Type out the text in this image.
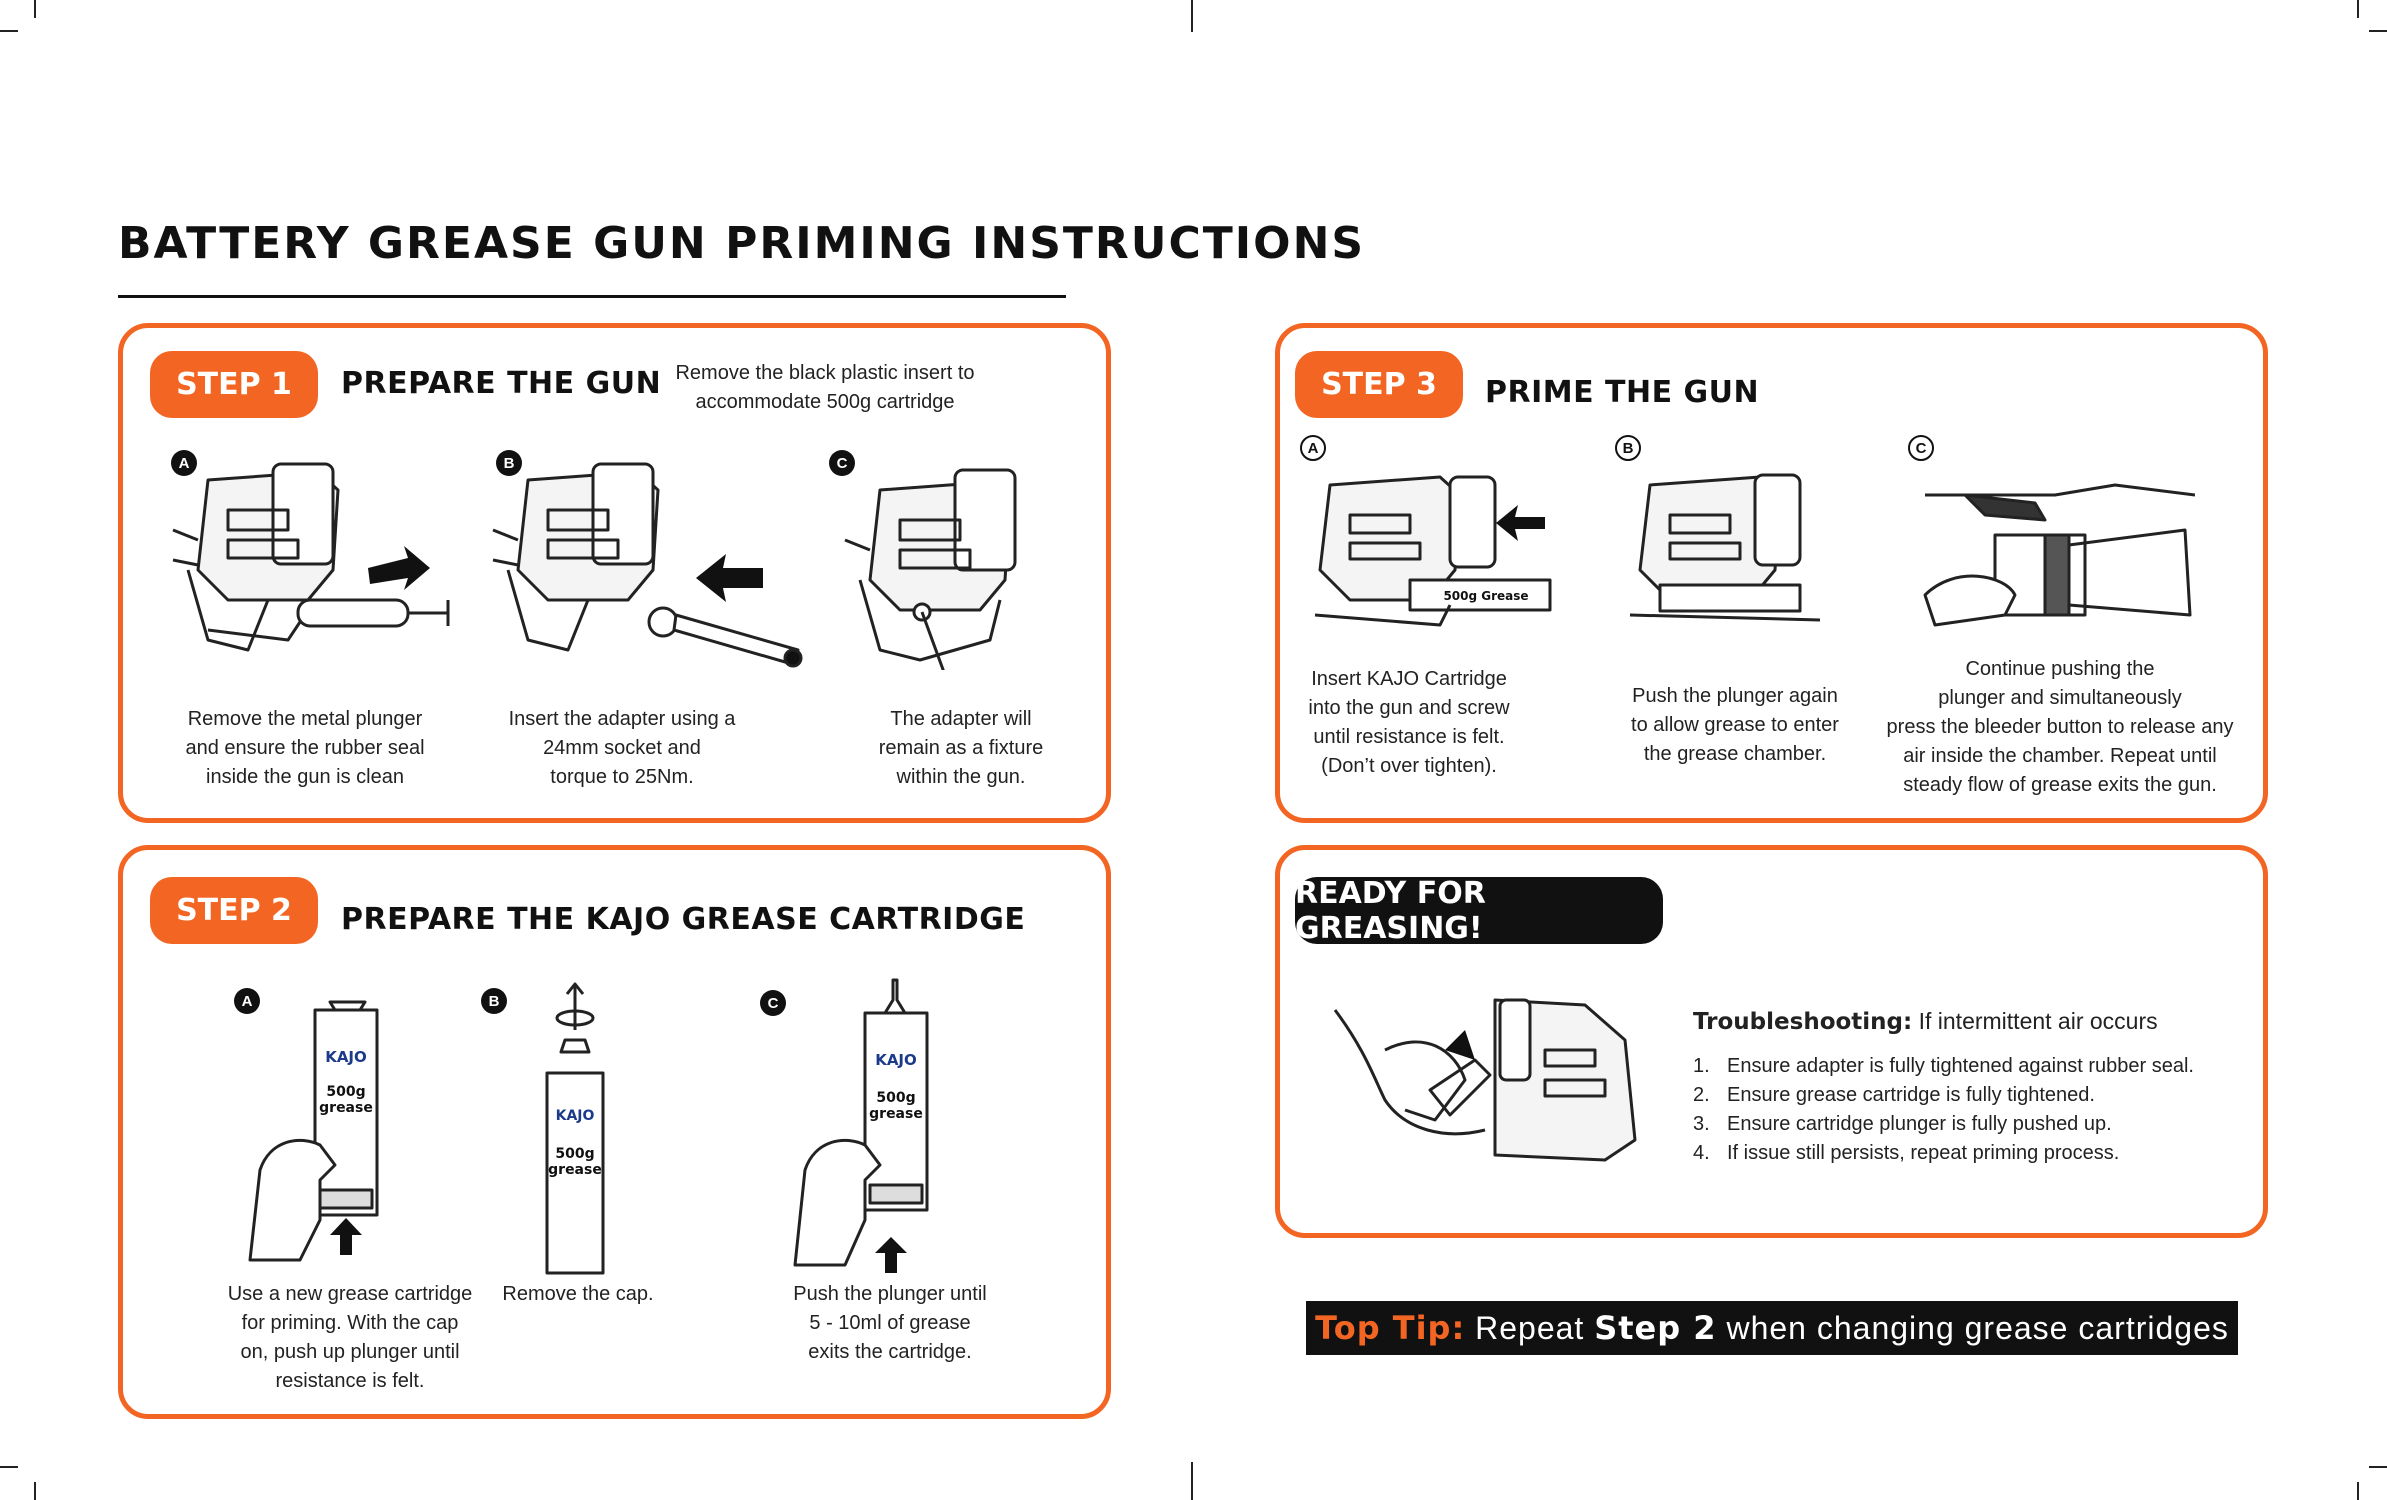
BATTERY GREASE GUN PRIMING INSTRUCTIONS
STEP 1	PREPARE THE GUN Remove the black plastic insert to
accommodate 500g cartridge
A	B	C
Remove the metal plunger
and ensure the rubber seal
inside the gun is clean
Insert the adapter using a
24mm socket and
torque to 25Nm.
The adapter will
remain as a fixture
within the gun.
STEP 2	PREPARE THE KAJO GREASE CARTRIDGE
A	B	C
KAJO
500g
grease	KAJO
500g
grease
KAJO
500g
grease
Use a new grease cartridge
for priming. With the cap
on, push up plunger until
resistance is felt.
Remove the cap.	Push the plunger until
5 - 10ml of grease
exits the cartridge.
STEP 3	PRIME THE GUN
A	B	C
500g Grease
Insert KAJO Cartridge
into the gun and screw
until resistance is felt.
(Don’t over tighten).
Push the plunger again
to allow grease to enter
the grease chamber.
Continue pushing the
plunger and simultaneously
press the bleeder button to release any
air inside the chamber. Repeat until
steady flow of grease exits the gun.
READY FOR GREASING!
Troubleshooting: If intermittent air occurs
1. Ensure adapter is fully tightened against rubber seal.
2. Ensure grease cartridge is fully tightened.
3. Ensure cartridge plunger is fully pushed up.
4. If issue still persists, repeat priming process.
Top Tip:
Repeat
Step 2
when changing grease cartridges
